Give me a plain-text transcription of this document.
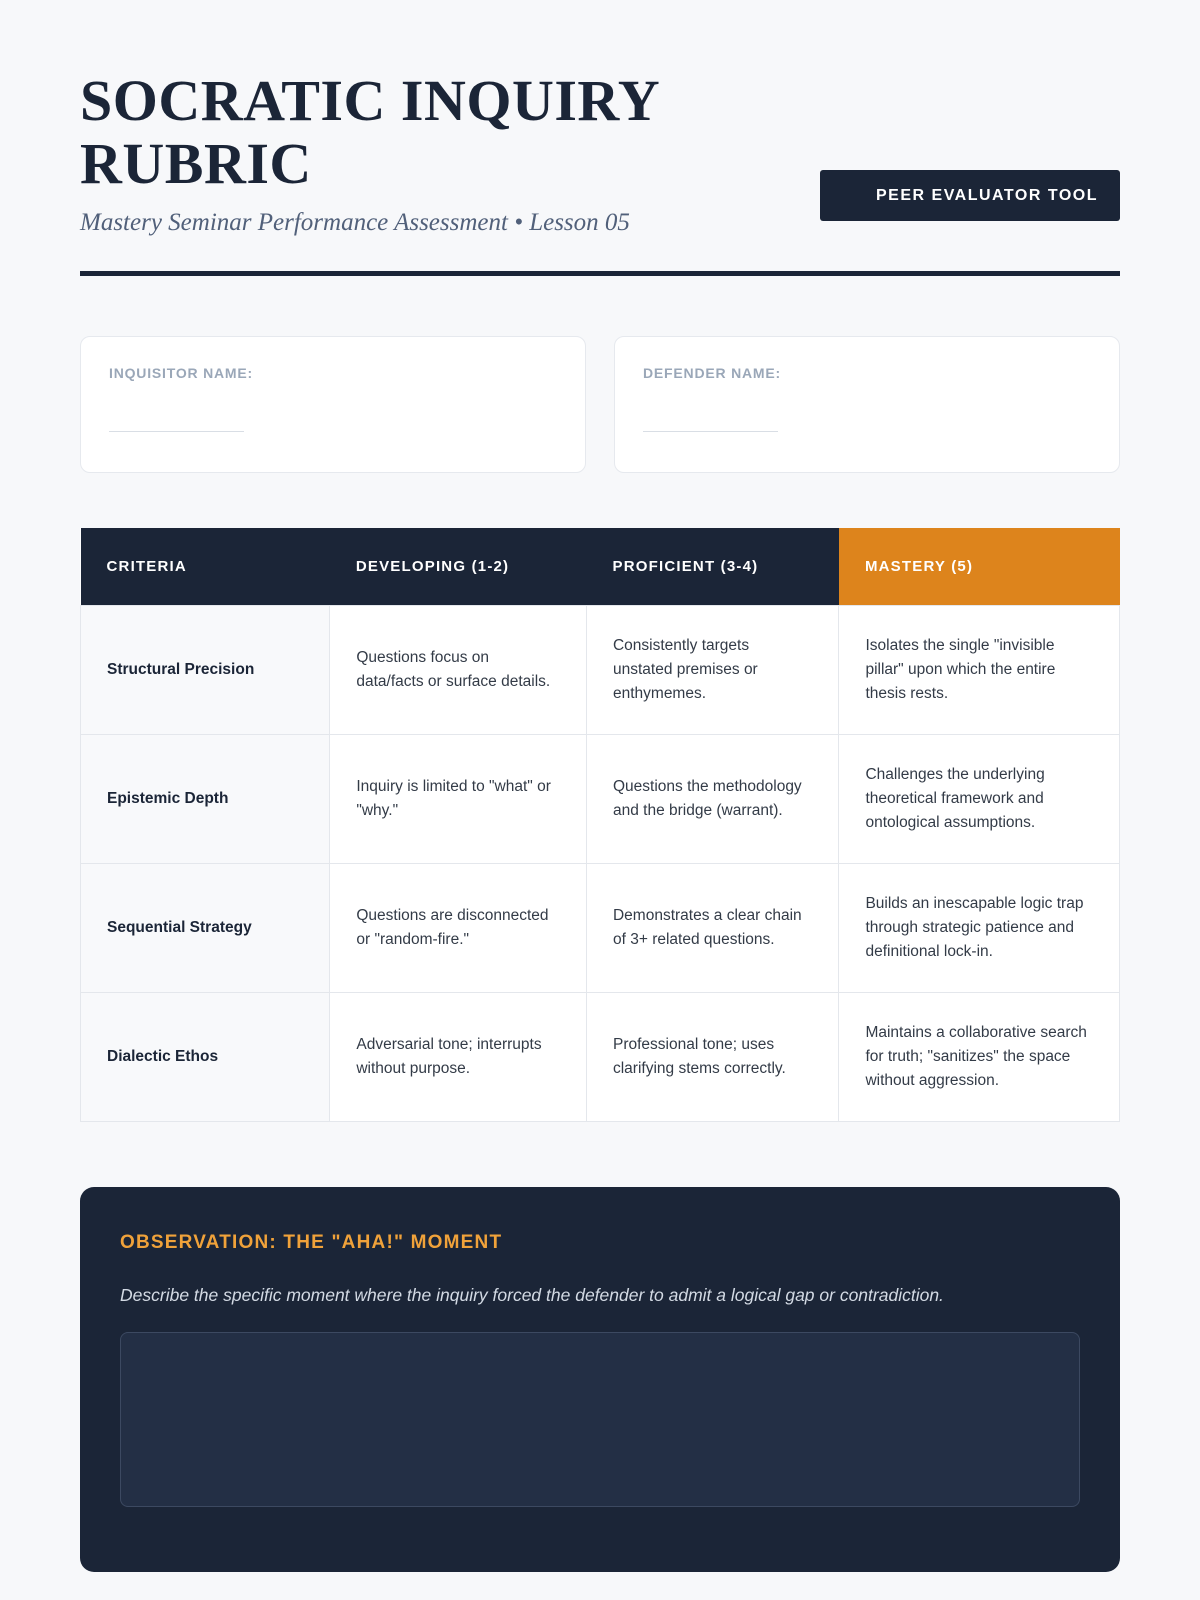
SOCRATIC INQUIRY RUBRIC
Mastery Seminar Performance Assessment • Lesson 05
PEER EVALUATOR TOOL
INQUISITOR NAME:	DEFENDER NAME:
CRITERIA	DEVELOPING (1-2)	PROFICIENT (3-4)	MASTERY (5)
Structural Precision	Questions focus on data/facts or surface details.	Consistently targets unstated premises or enthymemes.	Isolates the single "invisible pillar" upon which the entire thesis rests.
Epistemic Depth	Inquiry is limited to "what" or "why."	Questions the methodology and the bridge (warrant).	Challenges the underlying theoretical framework and ontological assumptions.
Sequential Strategy	Questions are disconnected or "random-fire."	Demonstrates a clear chain of 3+ related questions.	Builds an inescapable logic trap through strategic patience and definitional lock-in.
Dialectic Ethos	Adversarial tone; interrupts without purpose.	Professional tone; uses clarifying stems correctly.	Maintains a collaborative search for truth; "sanitizes" the space without aggression.
OBSERVATION: THE "AHA!" MOMENT
Describe the specific moment where the inquiry forced the defender to admit a logical gap or contradiction.
